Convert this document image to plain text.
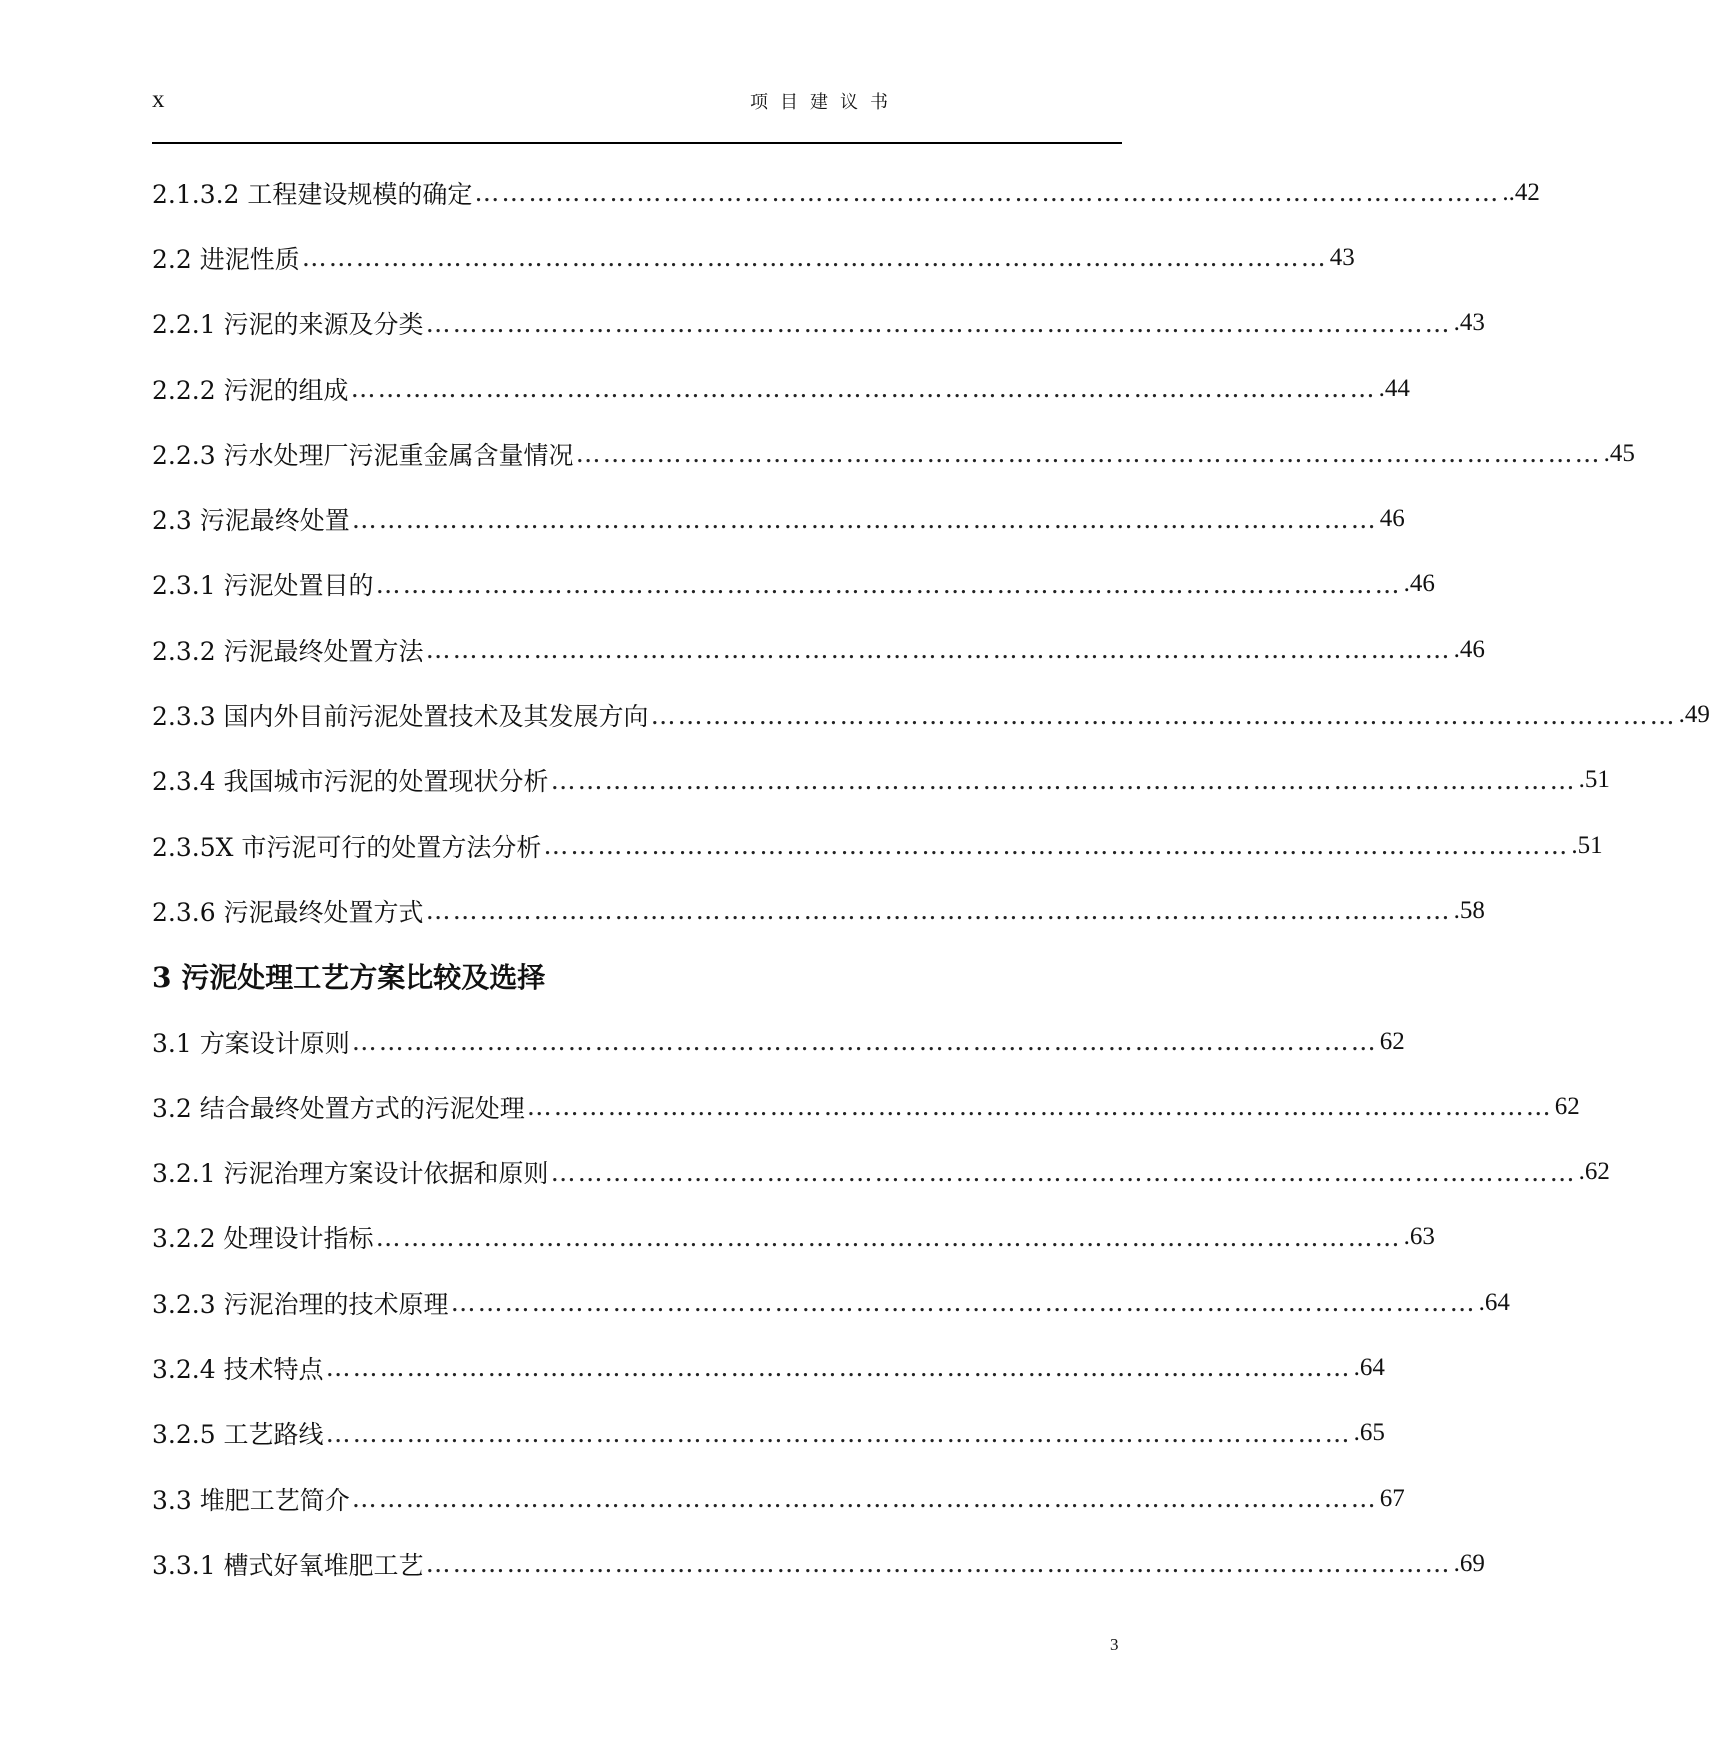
x	项目建议书
2.1.3.2 工程建设规模的确定 …………………………………………………………………………………………………… ..42
2.2 进泥性质 …………………………………………………………………………………………………… 43
2.2.1 污泥的来源及分类 …………………………………………………………………………………………………… .43
2.2.2 污泥的组成 …………………………………………………………………………………………………… .44
2.2.3 污水处理厂污泥重金属含量情况 …………………………………………………………………………………………………… .45
2.3 污泥最终处置 …………………………………………………………………………………………………… 46
2.3.1 污泥处置目的 …………………………………………………………………………………………………… .46
2.3.2 污泥最终处置方法 …………………………………………………………………………………………………… .46
2.3.3 国内外目前污泥处置技术及其发展方向 …………………………………………………………………………………………………… .49
2.3.4 我国城市污泥的处置现状分析 …………………………………………………………………………………………………… .51
2.3.5X 市污泥可行的处置方法分析 …………………………………………………………………………………………………… .51
2.3.6 污泥最终处置方式 …………………………………………………………………………………………………… .58
3 污泥处理工艺方案比较及选择
3.1 方案设计原则 …………………………………………………………………………………………………… 62
3.2 结合最终处置方式的污泥处理 …………………………………………………………………………………………………… 62
3.2.1 污泥治理方案设计依据和原则 …………………………………………………………………………………………………… .62
3.2.2 处理设计指标 …………………………………………………………………………………………………… .63
3.2.3 污泥治理的技术原理 …………………………………………………………………………………………………… .64
3.2.4 技术特点 …………………………………………………………………………………………………… .64
3.2.5 工艺路线 …………………………………………………………………………………………………… .65
3.3 堆肥工艺简介 …………………………………………………………………………………………………… 67
3.3.1 槽式好氧堆肥工艺 …………………………………………………………………………………………………… .69
3
